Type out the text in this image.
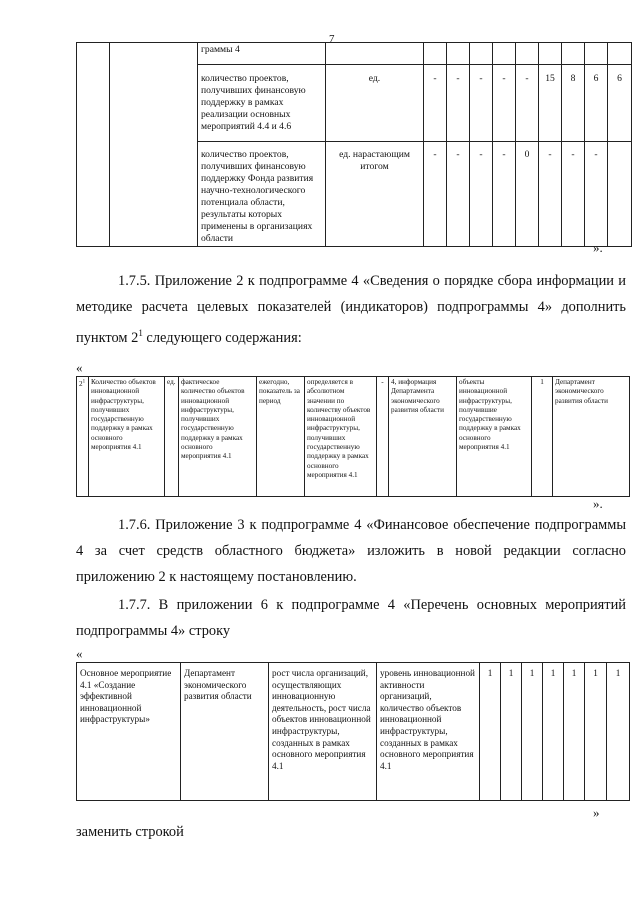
7
		граммы 4										
		количество проектов, получивших финансовую поддержку в рамках реализации основных мероприятий 4.4 и 4.6	ед.	-	-	-	-	-	15	8	6	6
		количество проектов, получивших финансовую поддержку Фонда развития научно-технологического потенциала области, результаты которых применены в организациях области	ед. нарастающим итогом	-	-	-	-	0	-	-	-	
».
1.7.5. Приложение 2 к подпрограмме 4 «Сведения о порядке сбора информации и методике расчета целевых показателей (индикаторов) подпрограммы 4» дополнить пунктом $2^1$ следующего содержания:
«
$2^1$	Количество объектов инновационной инфраструктуры, получивших государственную поддержку в рамках основного мероприятия 4.1	ед.	фактическое количество объектов инновационной инфраструктуры, получивших государственную поддержку в рамках основного мероприятия 4.1	ежегодно, показатель за период	определяется в абсолютном значении по количеству объектов инновационной инфраструктуры, получивших государственную поддержку в рамках основного мероприятия 4.1	-	4, информация Департамента экономического развития области	объекты инновационной инфраструктуры, получившие государственную поддержку в рамках основного мероприятия 4.1	1	Департамент экономического развития области
».
1.7.6. Приложение 3 к подпрограмме 4 «Финансовое обеспечение подпрограммы 4 за счет средств областного бюджета» изложить в новой редакции согласно приложению 2 к настоящему постановлению.
1.7.7. В приложении 6 к подпрограмме 4 «Перечень основных мероприятий подпрограммы 4» строку
«
Основное мероприятие 4.1 «Создание эффективной инновационной инфраструктуры»	Департамент экономического развития области	рост числа организаций, осуществляющих инновационную деятельность, рост числа объектов инновационной инфраструктуры, созданных в рамках основного мероприятия 4.1	уровень инновационной активности организаций, количество объектов инновационной инфраструктуры, созданных в рамках основного мероприятия 4.1	1	1	1	1	1	1	1
»
заменить строкой
